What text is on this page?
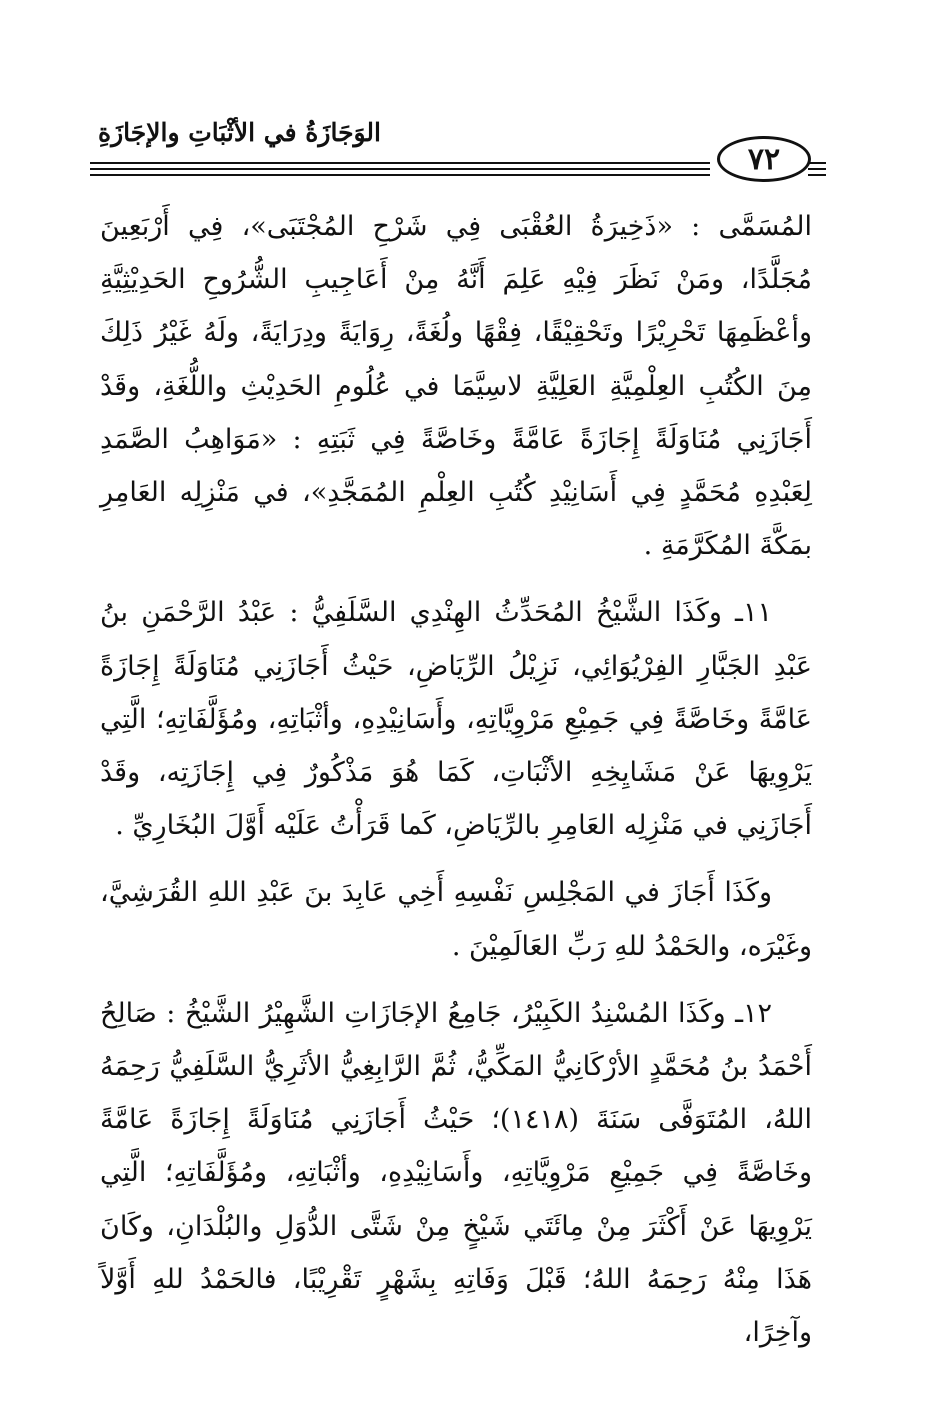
الوَجَازَةُ في الأثْبَاتِ والإجَازَةِ
٧٢

المُسَمَّى : «ذَخِيرَةُ العُقْبَى فِي شَرْحِ المُجْتَبَى»، فِي أَرْبَعِينَ مُجَلَّدًا، ومَنْ نَظَرَ فِيْهِ عَلِمَ أَنَّهُ مِنْ أَعَاجِيبِ الشُّرُوحِ الحَدِيْثِيَّةِ وأعْظَمِهَا تَحْرِيْرًا وتَحْقِيْقًا، فِقْهًا ولُغَةً، رِوَايَةً ودِرَايَةً، ولَهُ غَيْرُ ذَلِكَ مِنَ الكُتُبِ العِلْمِيَّةِ العَلِيَّةِ لاسِيَّمَا في عُلُومِ الحَدِيْثِ واللُّغَةِ، وقَدْ أَجَازَنِي مُنَاوَلَةً إِجَازَةً عَامَّةً وخَاصَّةً فِي ثَبَتِهِ : «مَوَاهِبُ الصَّمَدِ لِعَبْدِهِ مُحَمَّدٍ فِي أَسَانِيْدِ كُتُبِ العِلْمِ المُمَجَّدِ»، في مَنْزِلِه العَامِرِ بمَكَّةَ المُكَرَّمَةِ .

١١ـ وكَذَا الشَّيْخُ المُحَدِّثُ الهِنْدِي السَّلَفِيُّ : عَبْدُ الرَّحْمَنِ بنُ عَبْدِ الجَبَّارِ الفِرْيُوَائِي، نَزِيْلُ الرِّيَاضِ، حَيْثُ أَجَازَنِي مُنَاوَلَةً إِجَازَةً عَامَّةً وخَاصَّةً فِي جَمِيْعِ مَرْوِيَّاتِهِ، وأَسَانِيْدِهِ، وأثْبَاتِهِ، ومُؤَلَّفَاتِهِ؛ الَّتِي يَرْوِيهَا عَنْ مَشَايِخِهِ الأثْبَاتِ، كَمَا هُوَ مَذْكُورٌ فِي إِجَازَتِه، وقَدْ أَجَازَنِي في مَنْزِلِه العَامِرِ بالرِّيَاضِ، كَما قَرَأْتُ عَلَيْه أَوَّلَ البُخَارِيِّ .

وكَذَا أَجَازَ في المَجْلِسِ نَفْسِهِ أَخِي عَابِدَ بنَ عَبْدِ اللهِ القُرَشِيَّ، وغَيْرَه، والحَمْدُ للهِ رَبِّ العَالَمِيْنَ .

١٢ـ وكَذَا المُسْنِدُ الكَبِيْرُ، جَامِعُ الإجَازَاتِ الشَّهِيْرُ الشَّيْخُ : صَالِحُ أَحْمَدُ بنُ مُحَمَّدٍ الأرْكَانِيُّ المَكِّيُّ، ثُمَّ الرَّابِغِيُّ الأثَرِيُّ السَّلَفِيُّ رَحِمَهُ اللهُ، المُتَوَفَّى سَنَةَ (١٤١٨)؛ حَيْثُ أَجَازَنِي مُنَاوَلَةً إِجَازَةً عَامَّةً وخَاصَّةً فِي جَمِيْعِ مَرْوِيَّاتِهِ، وأَسَانِيْدِهِ، وأثْبَاتِهِ، ومُؤَلَّفَاتِهِ؛ الَّتِي يَرْوِيهَا عَنْ أَكْثَرَ مِنْ مِائَتَي شَيْخٍ مِنْ شَتَّى الدُّوَلِ والبُلْدَانِ، وكَانَ هَذَا مِنْهُ رَحِمَهُ اللهُ؛ قَبْلَ وَفَاتِهِ بِشَهْرٍ تَقْرِيْبًا، فالحَمْدُ للهِ أَوَّلاً وآخِرًا،
